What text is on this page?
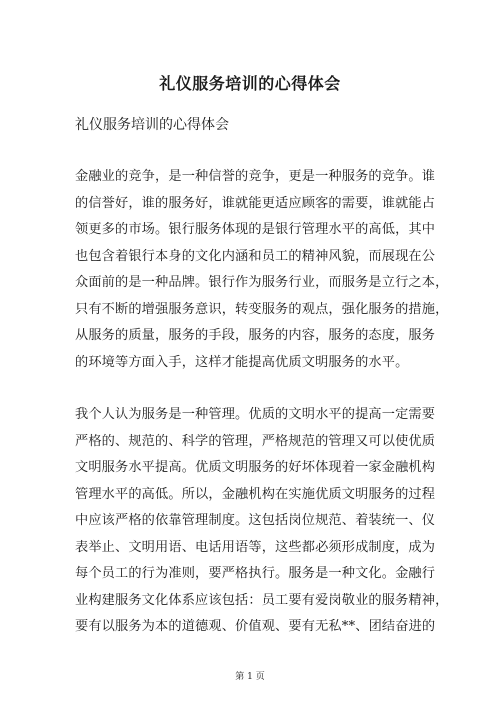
礼仪服务培训的心得体会
礼仪服务培训的心得体会
金融业的竞争，是一种信誉的竞争，更是一种服务的竞争。谁
的信誉好，谁的服务好，谁就能更适应顾客的需要，谁就能占
领更多的市场。银行服务体现的是银行管理水平的高低，其中
也包含着银行本身的文化内涵和员工的精神风貌，而展现在公
众面前的是一种品牌。银行作为服务行业，而服务是立行之本，
只有不断的增强服务意识，转变服务的观点，强化服务的措施，
从服务的质量，服务的手段，服务的内容，服务的态度，服务
的环境等方面入手，这样才能提高优质文明服务的水平。
我个人认为服务是一种管理。优质的文明水平的提高一定需要
严格的、规范的、科学的管理，严格规范的管理又可以使优质
文明服务水平提高。优质文明服务的好坏体现着一家金融机构
管理水平的高低。所以，金融机构在实施优质文明服务的过程
中应该严格的依靠管理制度。这包括岗位规范、着装统一、仪
表举止、文明用语、电话用语等，这些都必须形成制度，成为
每个员工的行为准则，要严格执行。服务是一种文化。金融行
业构建服务文化体系应该包括：员工要有爱岗敬业的服务精神，
要有以服务为本的道德观、价值观、要有无私**、团结奋进的
第 1 页
